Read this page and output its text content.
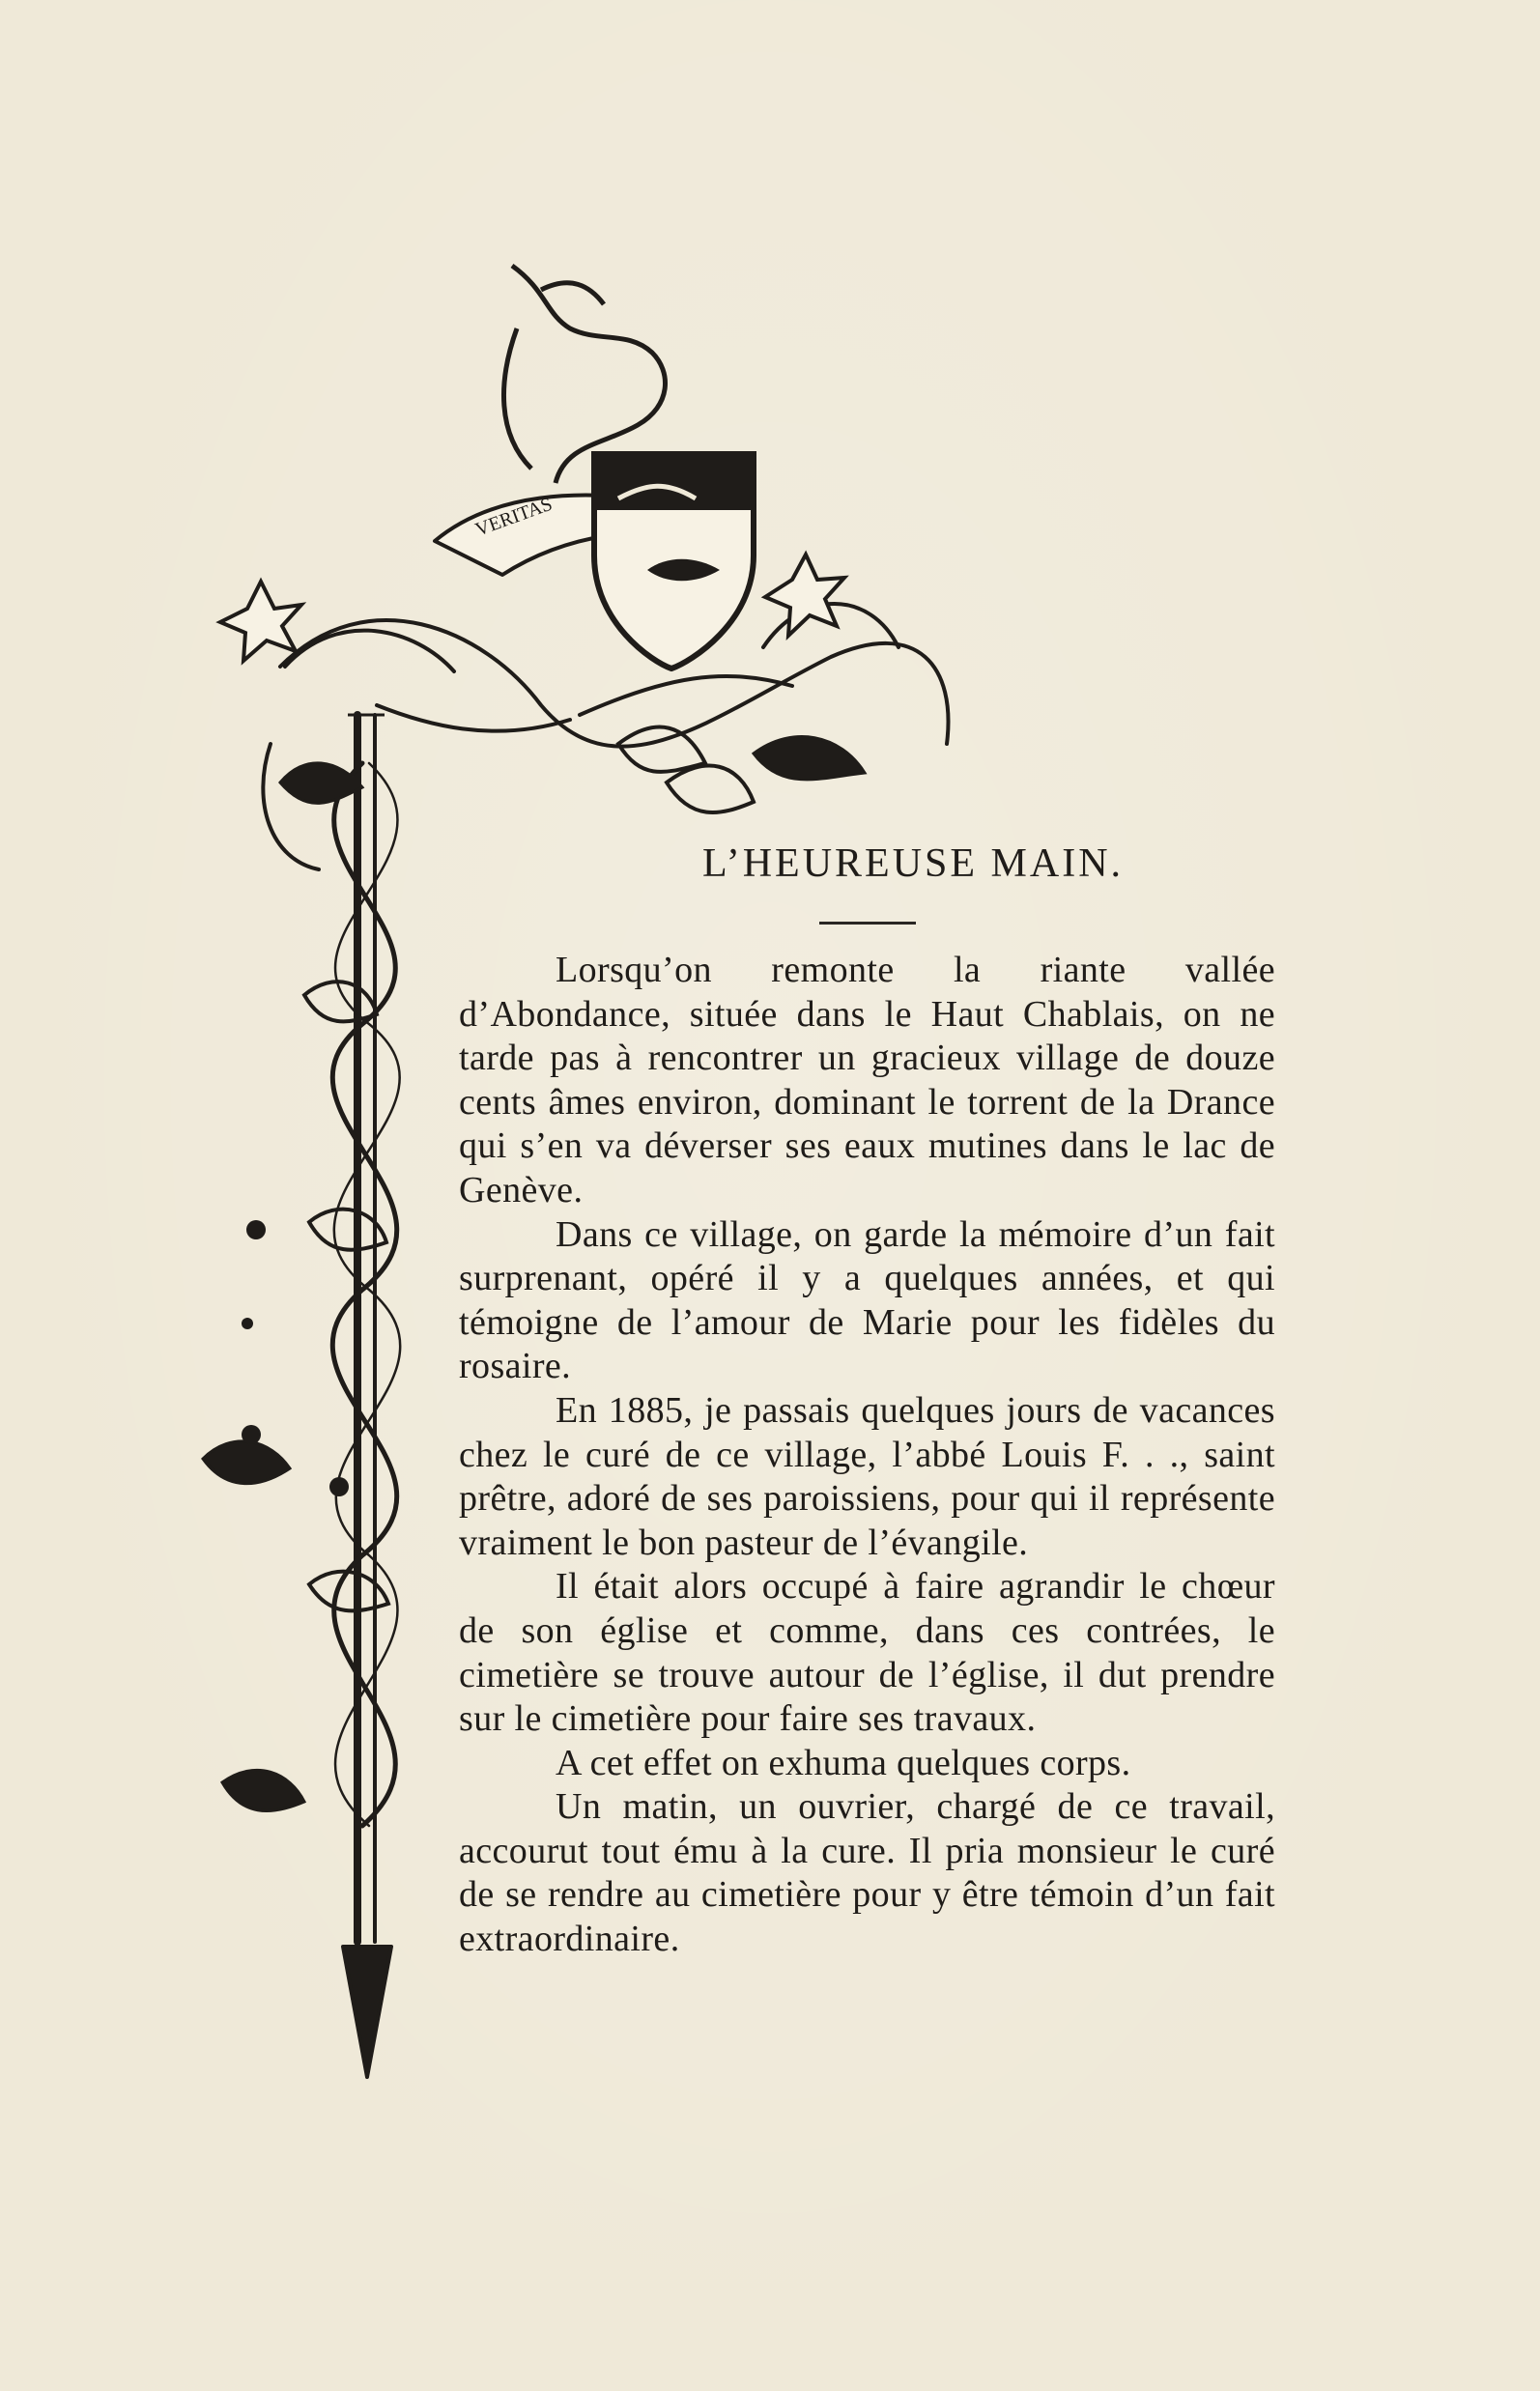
VERITAS
L’HEUREUSE MAIN.

Lorsqu’on remonte la riante vallée d’Abondance, située dans le Haut Chablais, on ne tarde pas à rencontrer un gracieux village de douze cents âmes environ, dominant le torrent de la Drance qui s’en va déverser ses eaux mutines dans le lac de Genève.

Dans ce village, on garde la mémoire d’un fait surprenant, opéré il y a quelques années, et qui témoigne de l’amour de Marie pour les fidèles du rosaire.

En 1885, je passais quelques jours de vacances chez le curé de ce village, l’abbé Louis F. . ., saint prêtre, adoré de ses paroissiens, pour qui il représente vraiment le bon pasteur de l’évangile.

Il était alors occupé à faire agrandir le chœur de son église et comme, dans ces contrées, le cimetière se trouve autour de l’église, il dut prendre sur le cimetière pour faire ses travaux.

A cet effet on exhuma quelques corps.

Un matin, un ouvrier, chargé de ce travail, accourut tout ému à la cure. Il pria monsieur le curé de se rendre au cimetière pour y être témoin d’un fait extraordinaire.
